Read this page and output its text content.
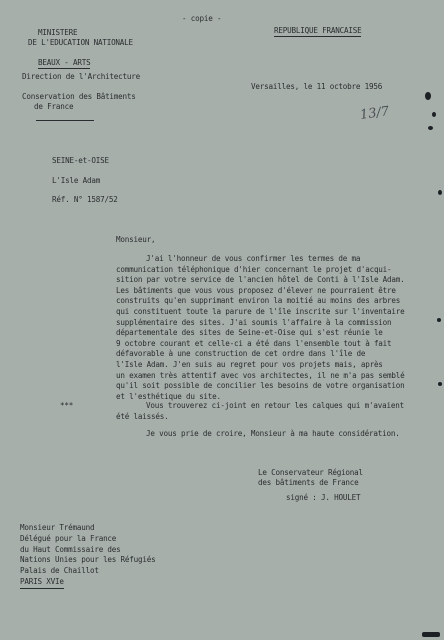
MINISTERE
DE L'EDUCATION NATIONALE
BEAUX - ARTS
Direction de l'Architecture
Conservation des Bâtiments
de France
- copie -
REPUBLIQUE FRANCAISE
Versailles, le 11 octobre 1956
13/7
SEINE-et-OISE
L'Isle Adam
Réf. N° 1587/52
Monsieur,
J'ai l'honneur de vous confirmer les termes de ma
communication téléphonique d'hier concernant le projet d'acqui-
sition par votre service de l'ancien hôtel de Conti à l'Isle Adam.
Les bâtiments que vous vous proposez d'élever ne pourraient être
construits qu'en supprimant environ la moitié au moins des arbres
qui constituent toute la parure de l'île inscrite sur l'inventaire
supplémentaire des sites. J'ai soumis l'affaire à la commission
départementale des sites de Seine-et-Oise qui s'est réunie le
9 octobre courant et celle-ci a été dans l'ensemble tout à fait
défavorable à une construction de cet ordre dans l'île de
l'Isle Adam. J'en suis au regret pour vos projets mais, après
un examen très attentif avec vos architectes, il ne m'a pas semblé
qu'il soit possible de concilier les besoins de votre organisation
et l'esthétique du site.
***	Vous trouverez ci-joint en retour les calques qui m'avaient
été laissés.
Je vous prie de croire, Monsieur à ma haute considération.
Le Conservateur Régional
des bâtiments de France
signé : J. HOULET
Monsieur Trémaund
Délégué pour la France
du Haut Commissaire des
Nations Unies pour les Réfugiés
Palais de Chaillot
PARIS XVIe
